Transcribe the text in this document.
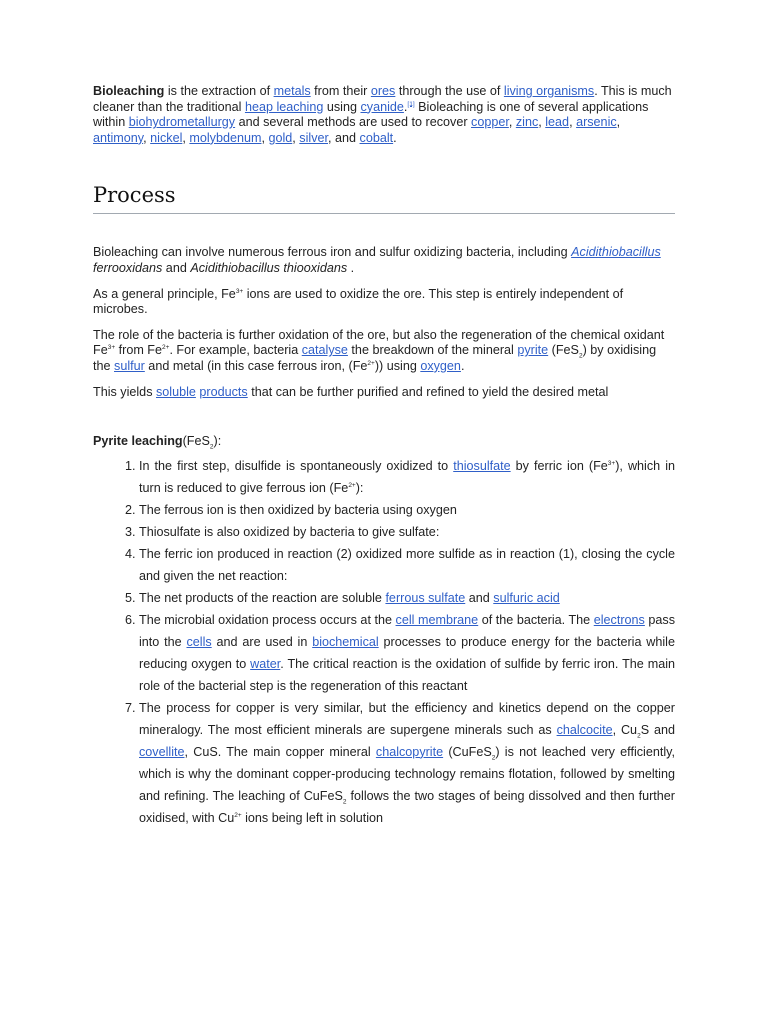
Bioleaching is the extraction of metals from their ores through the use of living organisms. This is much cleaner than the traditional heap leaching using cyanide.[1] Bioleaching is one of several applications within biohydrometallurgy and several methods are used to recover copper, zinc, lead, arsenic, antimony, nickel, molybdenum, gold, silver, and cobalt.

Process

Bioleaching can involve numerous ferrous iron and sulfur oxidizing bacteria, including Acidithiobacillus ferrooxidans and Acidithiobacillus thiooxidans .

As a general principle, $Fe^{3+}$ ions are used to oxidize the ore. This step is entirely independent of microbes.

The role of the bacteria is further oxidation of the ore, but also the regeneration of the chemical oxidant $Fe^{3+}$ from $Fe^{2+}$. For example, bacteria catalyse the breakdown of the mineral pyrite (FeS$_2$) by oxidising the sulfur and metal (in this case ferrous iron, $(Fe^{2+})$) using oxygen.

This yields soluble products that can be further purified and refined to yield the desired metal

Pyrite leaching(FeS$_2$):

1. In the first step, disulfide is spontaneously oxidized to thiosulfate by ferric ion $(Fe^{3+})$, which in turn is reduced to give ferrous ion $(Fe^{2+})$:
2. The ferrous ion is then oxidized by bacteria using oxygen
3. Thiosulfate is also oxidized by bacteria to give sulfate:
4. The ferric ion produced in reaction (2) oxidized more sulfide as in reaction (1), closing the cycle and given the net reaction:
5. The net products of the reaction are soluble ferrous sulfate and sulfuric acid
6. The microbial oxidation process occurs at the cell membrane of the bacteria. The electrons pass into the cells and are used in biochemical processes to produce energy for the bacteria while reducing oxygen to water. The critical reaction is the oxidation of sulfide by ferric iron. The main role of the bacterial step is the regeneration of this reactant
7. The process for copper is very similar, but the efficiency and kinetics depend on the copper mineralogy. The most efficient minerals are supergene minerals such as chalcocite, $Cu_2S$ and covellite, CuS. The main copper mineral chalcopyrite (CuFeS$_2$) is not leached very efficiently, which is why the dominant copper-producing technology remains flotation, followed by smelting and refining. The leaching of CuFeS$_2$ follows the two stages of being dissolved and then further oxidised, with $Cu^{2+}$ ions being left in solution
